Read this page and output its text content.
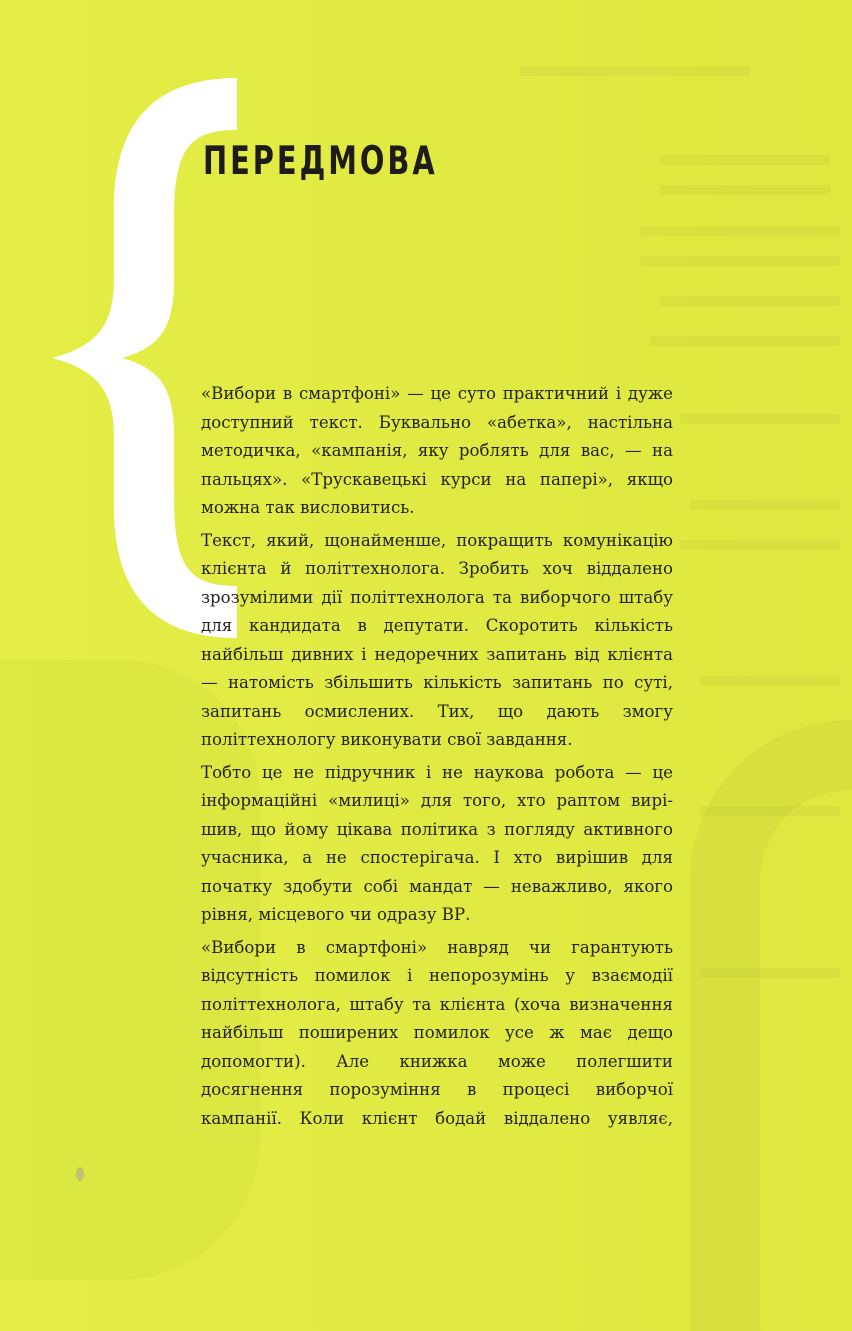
ПЕРЕДМОВА

«Вибори в смартфоні» — це суто практичний і дуже доступний текст. Буквально «абетка», настільна методичка, «кампанія, яку роблять для вас, — на пальцях». «Трускавецькі курси на папері», якщо можна так висловитись.

Текст, який, щонайменше, покращить комунікацію клієнта й політтехнолога. Зробить хоч віддалено зрозумілими дії політтехнолога та виборчого штабу для кандидата в депутати. Скоротить кількість найбільш дивних і недоречних запитань від клієнта — натомість збільшить кількість запитань по суті, запитань осмислених. Тих, що дають змогу політтехнологу виконувати свої завдання.

Тобто це не підручник і не наукова робота — це інформаційні «милиці» для того, хто раптом вирішив, що йому цікава політика з погляду активного учасника, а не спостерігача. І хто вирішив для початку здобути собі мандат — неважливо, якого рівня, місцевого чи одразу ВР.

«Вибори в смартфоні» навряд чи гарантують відсутність помилок і непорозумінь у взаємодії політтехнолога, штабу та клієнта (хоча визначення найбільш поширених помилок усе ж має дещо допомогти). Але книжка може полегшити досягнення порозуміння в процесі виборчої кампанії. Коли клієнт бодай віддалено уявляє,
